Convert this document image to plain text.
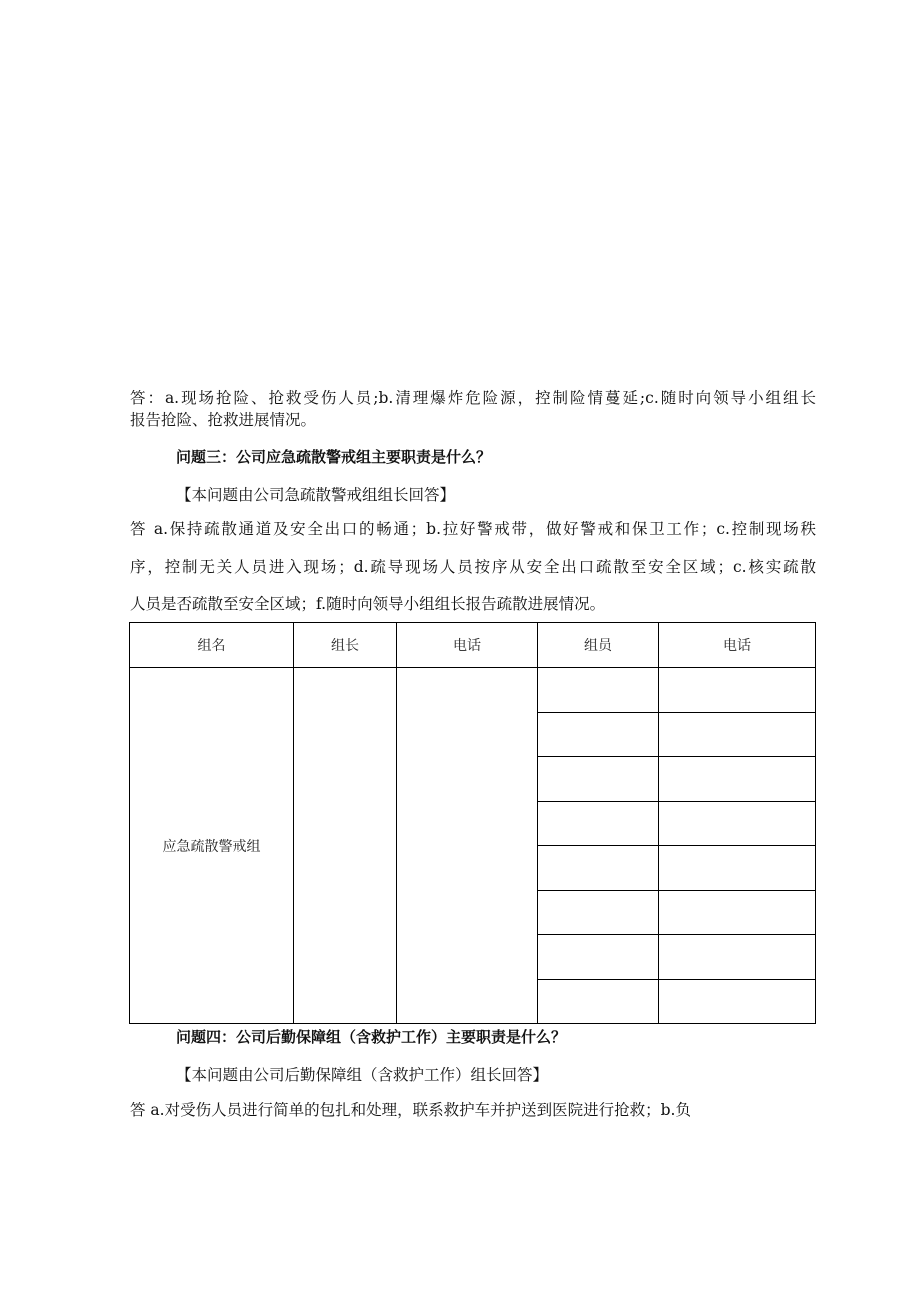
答：a.现场抢险、抢救受伤人员;b.清理爆炸危险源，控制险情蔓延;c.随时向领导小组组长

报告抢险、抢救进展情况。

问题三：公司应急疏散警戒组主要职责是什么？

【本问题由公司急疏散警戒组组长回答】

答 a.保持疏散通道及安全出口的畅通；b.拉好警戒带，做好警戒和保卫工作；c.控制现场秩

序，控制无关人员进入现场；d.疏导现场人员按序从安全出口疏散至安全区域；c.核实疏散

人员是否疏散至安全区域；f.随时向领导小组组长报告疏散进展情况。

组名	组长	电话	组员	电话
应急疏散警戒组				

问题四：公司后勤保障组（含救护工作）主要职责是什么？

【本问题由公司后勤保障组（含救护工作）组长回答】

答 a.对受伤人员进行简单的包扎和处理，联系救护车并护送到医院进行抢救；b.负
